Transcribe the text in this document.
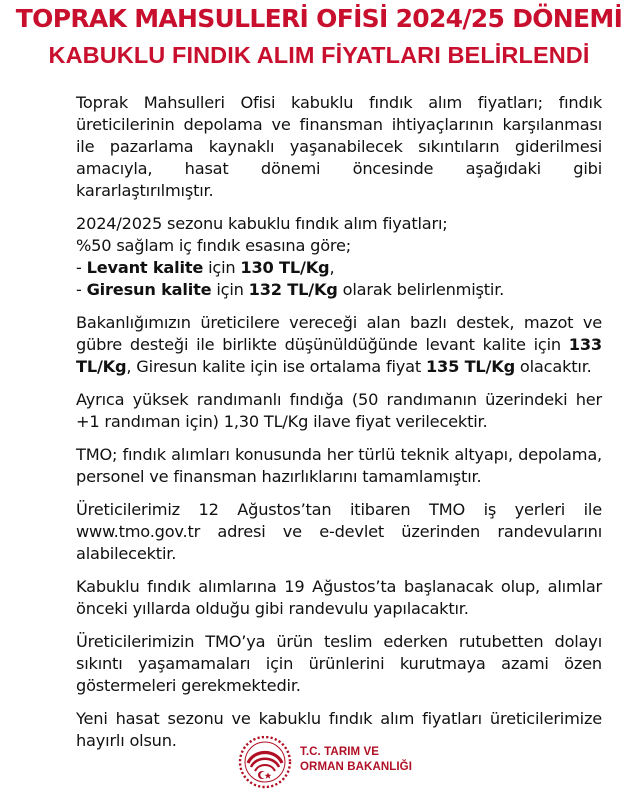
TOPRAK MAHSULLERİ OFİSİ 2024/25 DÖNEMİ
KABUKLU FINDIK ALIM FİYATLARI BELİRLENDİ

Toprak Mahsulleri Ofisi kabuklu fındık alım fiyatları; fındık üreticilerinin depolama ve finansman ihtiyaçlarının karşılanması ile pazarlama kaynaklı yaşanabilecek sıkıntıların giderilmesi amacıyla, hasat dönemi öncesinde aşağıdaki gibi kararlaştırılmıştır.

2024/2025 sezonu kabuklu fındık alım fiyatları;
%50 sağlam iç fındık esasına göre;
- Levant kalite için 130 TL/Kg,
- Giresun kalite için 132 TL/Kg olarak belirlenmiştir.

Bakanlığımızın üreticilere vereceği alan bazlı destek, mazot ve gübre desteği ile birlikte düşünüldüğünde levant kalite için 133 TL/Kg, Giresun kalite için ise ortalama fiyat 135 TL/Kg olacaktır.

Ayrıca yüksek randımanlı fındığa (50 randımanın üzerindeki her +1 randıman için) 1,30 TL/Kg ilave fiyat verilecektir.

TMO; fındık alımları konusunda her türlü teknik altyapı, depolama, personel ve finansman hazırlıklarını tamamlamıştır.

Üreticilerimiz 12 Ağustos’tan itibaren TMO iş yerleri ile www.tmo.gov.tr adresi ve e-devlet üzerinden randevularını alabilecektir.

Kabuklu fındık alımlarına 19 Ağustos’ta başlanacak olup, alımlar önceki yıllarda olduğu gibi randevulu yapılacaktır.

Üreticilerimizin TMO’ya ürün teslim ederken rutubetten dolayı sıkıntı yaşamamaları için ürünlerini kurutmaya azami özen göstermeleri gerekmektedir.

Yeni hasat sezonu ve kabuklu fındık alım fiyatları üreticilerimize hayırlı olsun.

T.C. TARIM VE
ORMAN BAKANLIĞI
